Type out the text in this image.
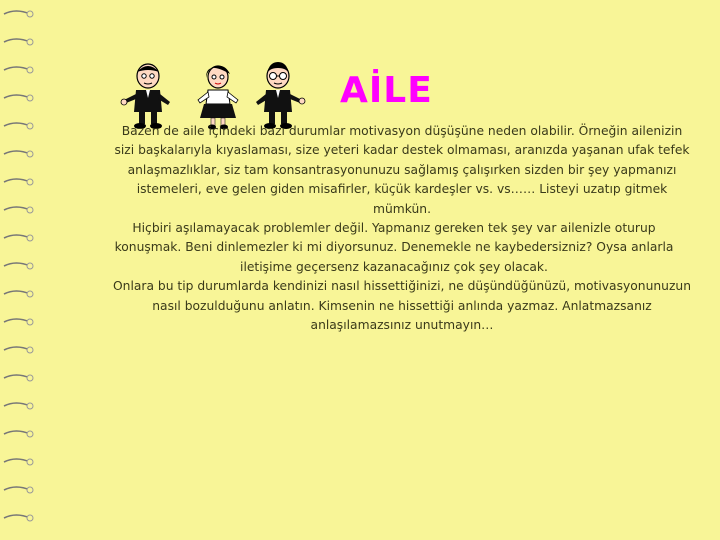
AİLE

Bazen de aile içindeki bazı durumlar motivasyon düşüşüne neden olabilir. Örneğin ailenizin sizi başkalarıyla kıyaslaması, size yeteri kadar destek olmaması, aranızda yaşanan ufak tefek anlaşmazlıklar, siz tam konsantrasyonunuzu sağlamış çalışırken sizden bir şey yapmanızı istemeleri, eve gelen giden misafirler, küçük kardeşler vs. vs…… Listeyi uzatıp gitmek mümkün.

Hiçbiri aşılamayacak problemler değil. Yapmanız gereken tek şey var ailenizle oturup konuşmak. Beni dinlemezler ki mi diyorsunuz. Denemekle ne kaybedersizniz? Oysa anlarla iletişime geçersenz kazanacağınız çok şey olacak.

Onlara bu tip durumlarda kendinizi nasıl hissettiğinizi, ne düşündüğünüzü, motivasyonunuzun nasıl bozulduğunu anlatın. Kimsenin ne hissettiği anlında yazmaz. Anlatmazsanız anlaşılamazsınız unutmayın…
